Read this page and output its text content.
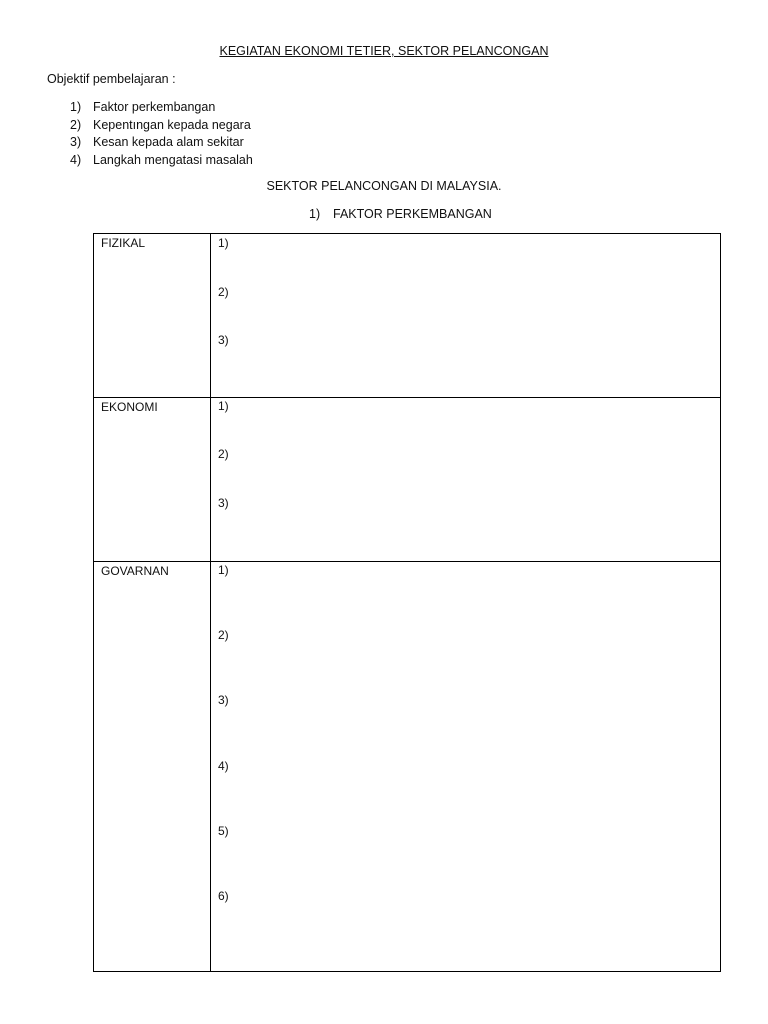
KEGIATAN EKONOMI TETIER, SEKTOR PELANCONGAN
Objektif pembelajaran :
1) Faktor perkembangan
2) Kepentıngan kepada negara
3) Kesan kepada alam sekitar
4) Langkah mengatasi masalah
SEKTOR PELANCONGAN DI MALAYSIA.
1) FAKTOR PERKEMBANGAN
FIZIKAL	1)
2)
3)
EKONOMI	1)
2)
3)
GOVARNAN	1)
2)
3)
4)
5)
6)
